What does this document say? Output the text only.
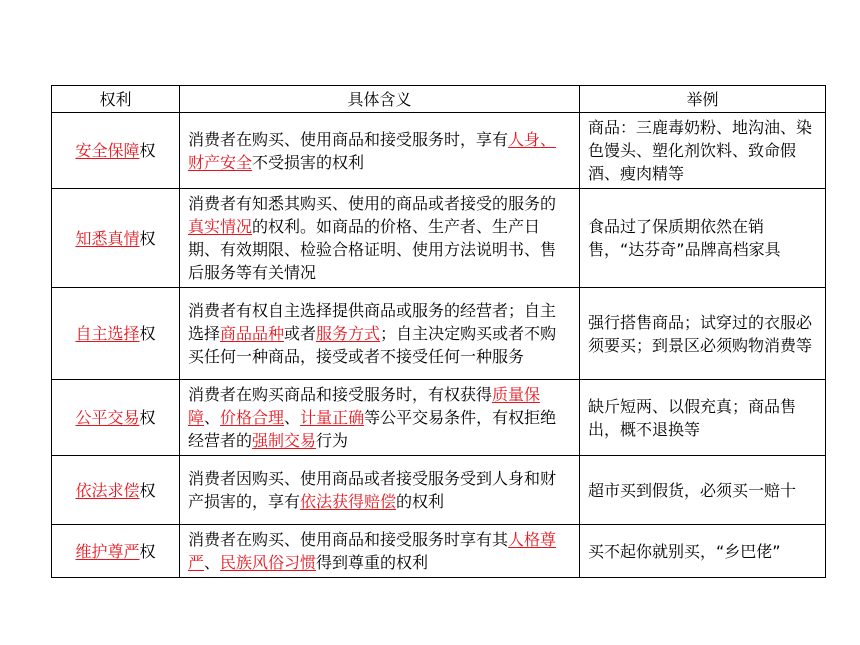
权利	具体含义	举例
安全保障权	消费者在购买、使用商品和接受服务时，享有人身、财产安全不受损害的权利	商品：三鹿毒奶粉、地沟油、染色馒头、塑化剂饮料、致命假酒、瘦肉精等
知悉真情权	消费者有知悉其购买、使用的商品或者接受的服务的真实情况的权利。如商品的价格、生产者、生产日期、有效期限、检验合格证明、使用方法说明书、售后服务等有关情况	食品过了保质期依然在销售，“达芬奇”品牌高档家具
自主选择权	消费者有权自主选择提供商品或服务的经营者；自主选择商品品种或者服务方式；自主决定购买或者不购买任何一种商品，接受或者不接受任何一种服务	强行搭售商品；试穿过的衣服必须要买；到景区必须购物消费等
公平交易权	消费者在购买商品和接受服务时，有权获得质量保障、价格合理、计量正确等公平交易条件，有权拒绝经营者的强制交易行为	缺斤短两、以假充真；商品售出，概不退换等
依法求偿权	消费者因购买、使用商品或者接受服务受到人身和财产损害的，享有依法获得赔偿的权利	超市买到假货，必须买一赔十
维护尊严权	消费者在购买、使用商品和接受服务时享有其人格尊严、民族风俗习惯得到尊重的权利	买不起你就别买，“乡巴佬”
